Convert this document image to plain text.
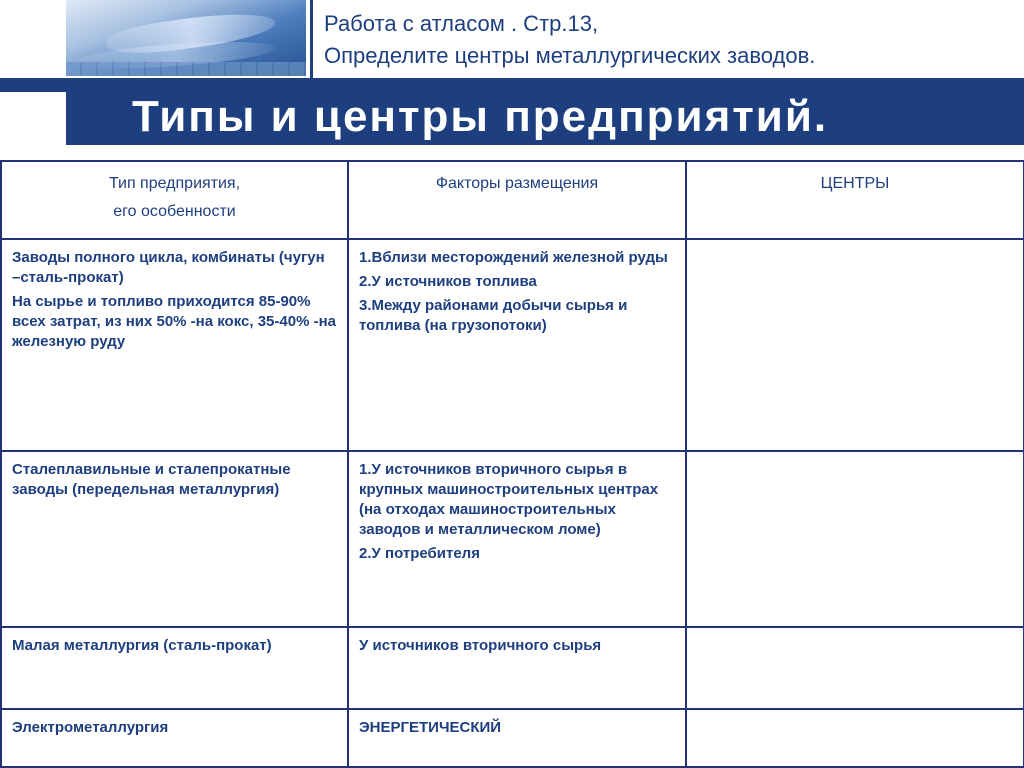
Работа с атласом . Стр.13,
Определите центры металлургических заводов.
Типы и центры предприятий.
Тип предприятия,
его особенности	Факторы размещения	ЦЕНТРЫ

Заводы полного цикла, комбинаты (чугун –сталь-прокат)
На сырье и топливо приходится 85-90% всех затрат, из них 50% -на кокс, 35-40% -на железную руду	1.Вблизи месторождений железной руды
2.У источников топлива
3.Между районами добычи сырья и топлива (на грузопотоки)	

Сталеплавильные и сталепрокатные заводы (передельная металлургия)	1.У источников вторичного сырья в крупных машиностроительных центрах (на отходах машиностроительных заводов и металлическом ломе)
2.У потребителя	

Малая металлургия (сталь-прокат)	У источников вторичного сырья	

Электрометаллургия	ЭНЕРГЕТИЧЕСКИЙ	
